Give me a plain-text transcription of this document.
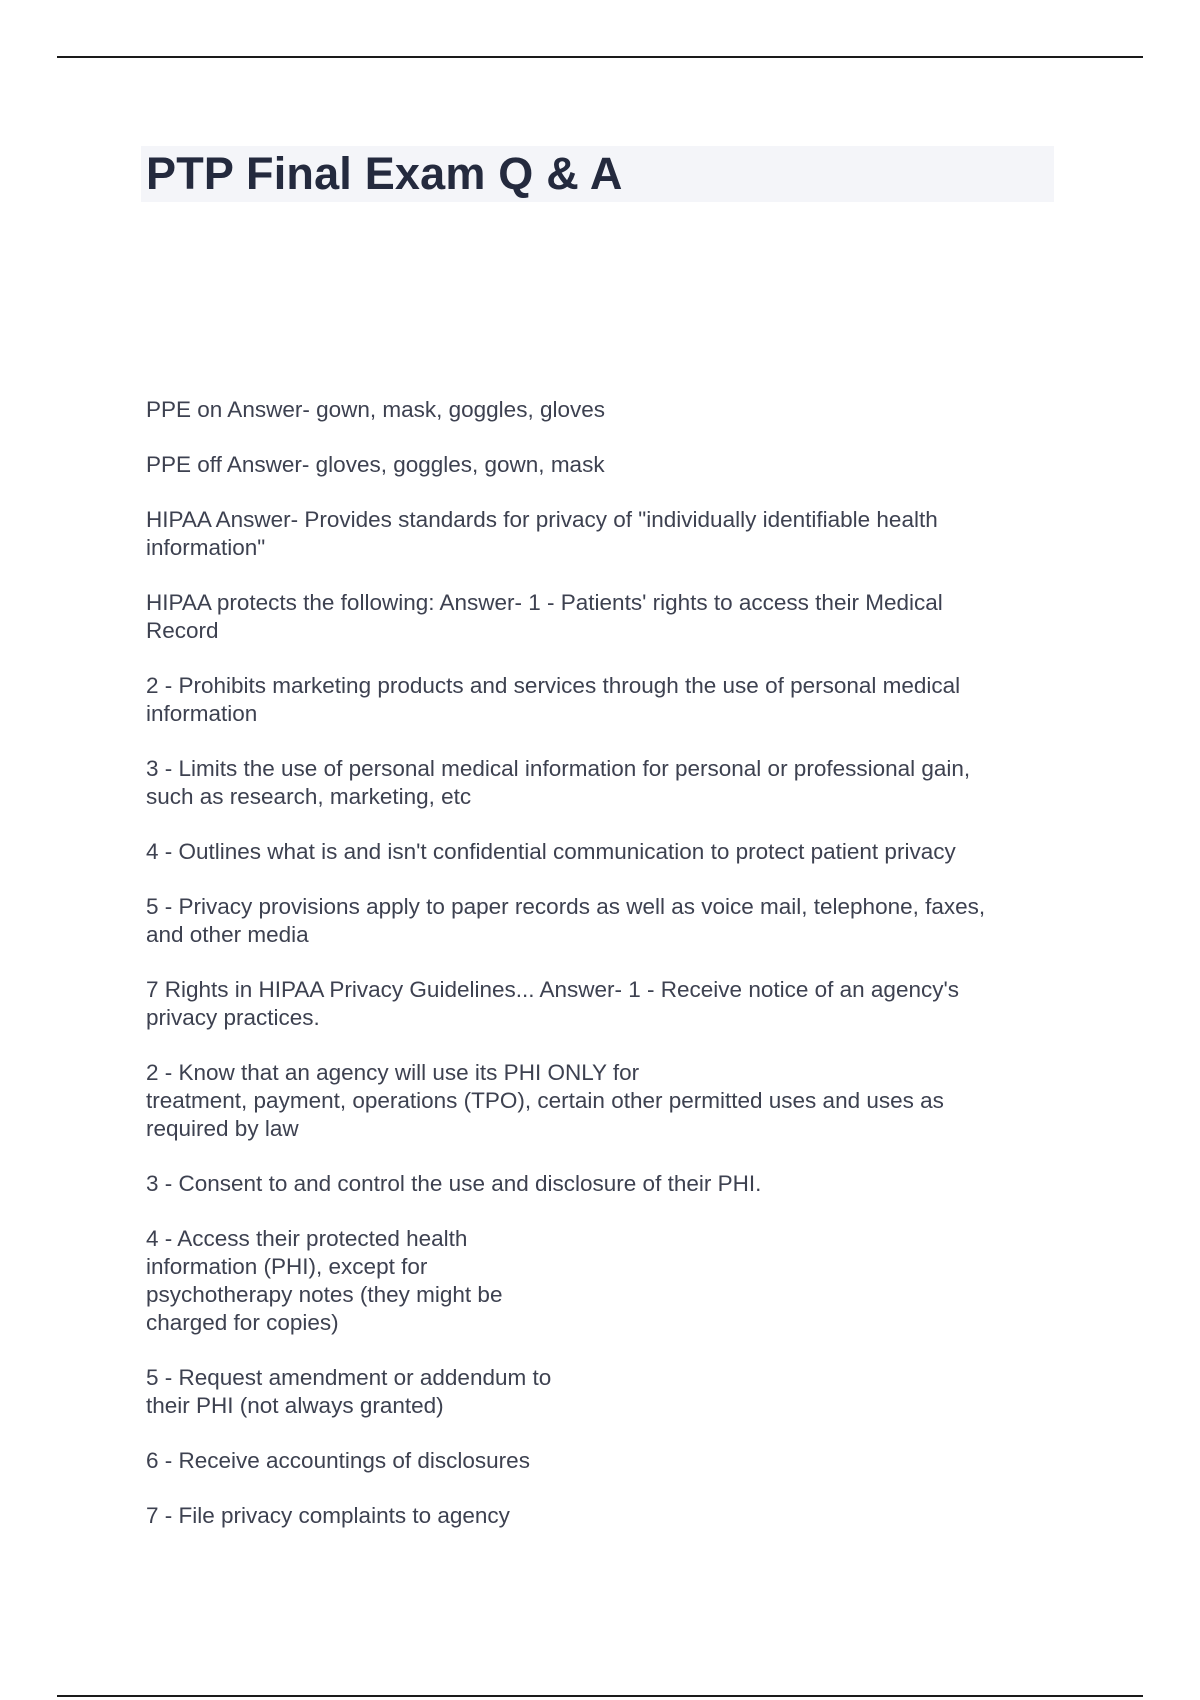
PTP Final Exam Q & A

PPE on Answer- gown, mask, goggles, gloves

PPE off Answer- gloves, goggles, gown, mask

HIPAA Answer- Provides standards for privacy of "individually identifiable health
information"

HIPAA protects the following: Answer- 1 - Patients' rights to access their Medical
Record

2 - Prohibits marketing products and services through the use of personal medical
information

3 - Limits the use of personal medical information for personal or professional gain,
such as research, marketing, etc

4 - Outlines what is and isn't confidential communication to protect patient privacy

5 - Privacy provisions apply to paper records as well as voice mail, telephone, faxes,
and other media

7 Rights in HIPAA Privacy Guidelines... Answer- 1 - Receive notice of an agency's
privacy practices.

2 - Know that an agency will use its PHI ONLY for
treatment, payment, operations (TPO), certain other permitted uses and uses as
required by law

3 - Consent to and control the use and disclosure of their PHI.

4 - Access their protected health
information (PHI), except for
psychotherapy notes (they might be
charged for copies)

5 - Request amendment or addendum to
their PHI (not always granted)

6 - Receive accountings of disclosures

7 - File privacy complaints to agency
